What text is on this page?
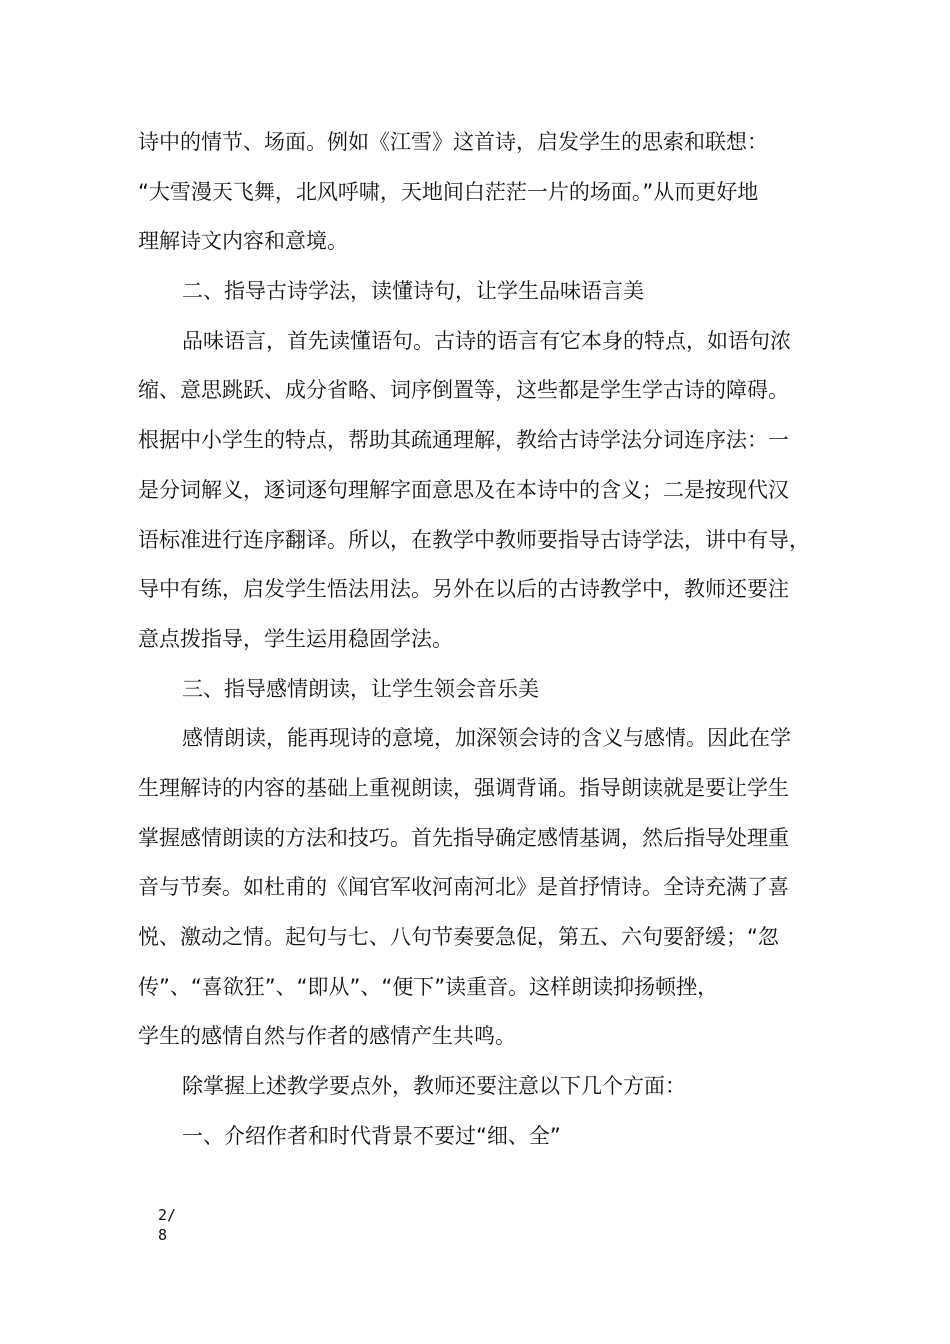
诗中的情节、场面。例如《江雪》这首诗，启发学生的思索和联想：
“大雪漫天飞舞，北风呼啸，天地间白茫茫一片的场面。”从而更好地
理解诗文内容和意境。
二、指导古诗学法，读懂诗句，让学生品味语言美
品味语言，首先读懂语句。古诗的语言有它本身的特点，如语句浓
缩、意思跳跃、成分省略、词序倒置等，这些都是学生学古诗的障碍。
根据中小学生的特点，帮助其疏通理解，教给古诗学法分词连序法：一
是分词解义，逐词逐句理解字面意思及在本诗中的含义；二是按现代汉
语标准进行连序翻译。所以，在教学中教师要指导古诗学法，讲中有导，
导中有练，启发学生悟法用法。另外在以后的古诗教学中，教师还要注
意点拨指导，学生运用稳固学法。
三、指导感情朗读，让学生领会音乐美
感情朗读，能再现诗的意境，加深领会诗的含义与感情。因此在学
生理解诗的内容的基础上重视朗读，强调背诵。指导朗读就是要让学生
掌握感情朗读的方法和技巧。首先指导确定感情基调，然后指导处理重
音与节奏。如杜甫的《闻官军收河南河北》是首抒情诗。全诗充满了喜
悦、激动之情。起句与七、八句节奏要急促，第五、六句要舒缓；“忽
传”、“喜欲狂”、“即从”、“便下”读重音。这样朗读抑扬顿挫，
学生的感情自然与作者的感情产生共鸣。
除掌握上述教学要点外，教师还要注意以下几个方面：
一、介绍作者和时代背景不要过“细、全”
2/
8
